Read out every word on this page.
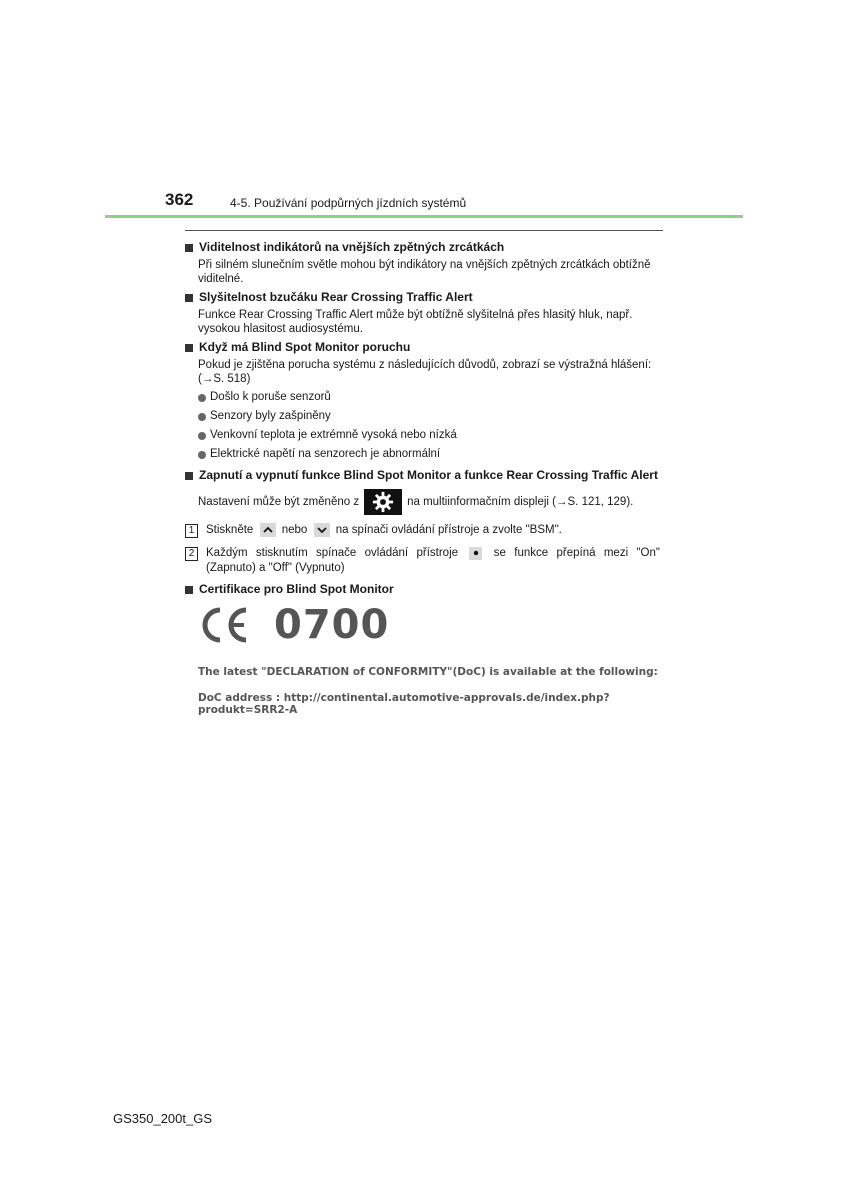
362	4-5. Používání podpůrných jízdních systémů
Viditelnost indikátorů na vnějších zpětných zrcátkách
Při silném slunečním světle mohou být indikátory na vnějších zpětných zrcátkách obtížně viditelné.
Slyšitelnost bzučáku Rear Crossing Traffic Alert
Funkce Rear Crossing Traffic Alert může být obtížně slyšitelná přes hlasitý hluk, např. vysokou hlasitost audiosystému.
Když má Blind Spot Monitor poruchu
Pokud je zjištěna porucha systému z následujících důvodů, zobrazí se výstražná hlášení: (→S. 518)
Došlo k poruše senzorů
Senzory byly zašpiněny
Venkovní teplota je extrémně vysoká nebo nízká
Elektrické napětí na senzorech je abnormální
Zapnutí a vypnutí funkce Blind Spot Monitor a funkce Rear Crossing Traffic Alert
Nastavení může být změněno z	na multiinformačním displeji (→S. 121, 129).
1	Stiskněte nebo na spínači ovládání přístroje a zvolte "BSM".
2	Každým stisknutím spínače ovládání přístroje	se funkce přepíná mezi "On" (Zapnuto) a "Off" (Vypnuto)
Certifikace pro Blind Spot Monitor
0700
The latest "DECLARATION of CONFORMITY"(DoC) is available at the following:
DoC address : http://continental.automotive-approvals.de/index.php?produkt=SRR2-A
GS350_200t_GS
